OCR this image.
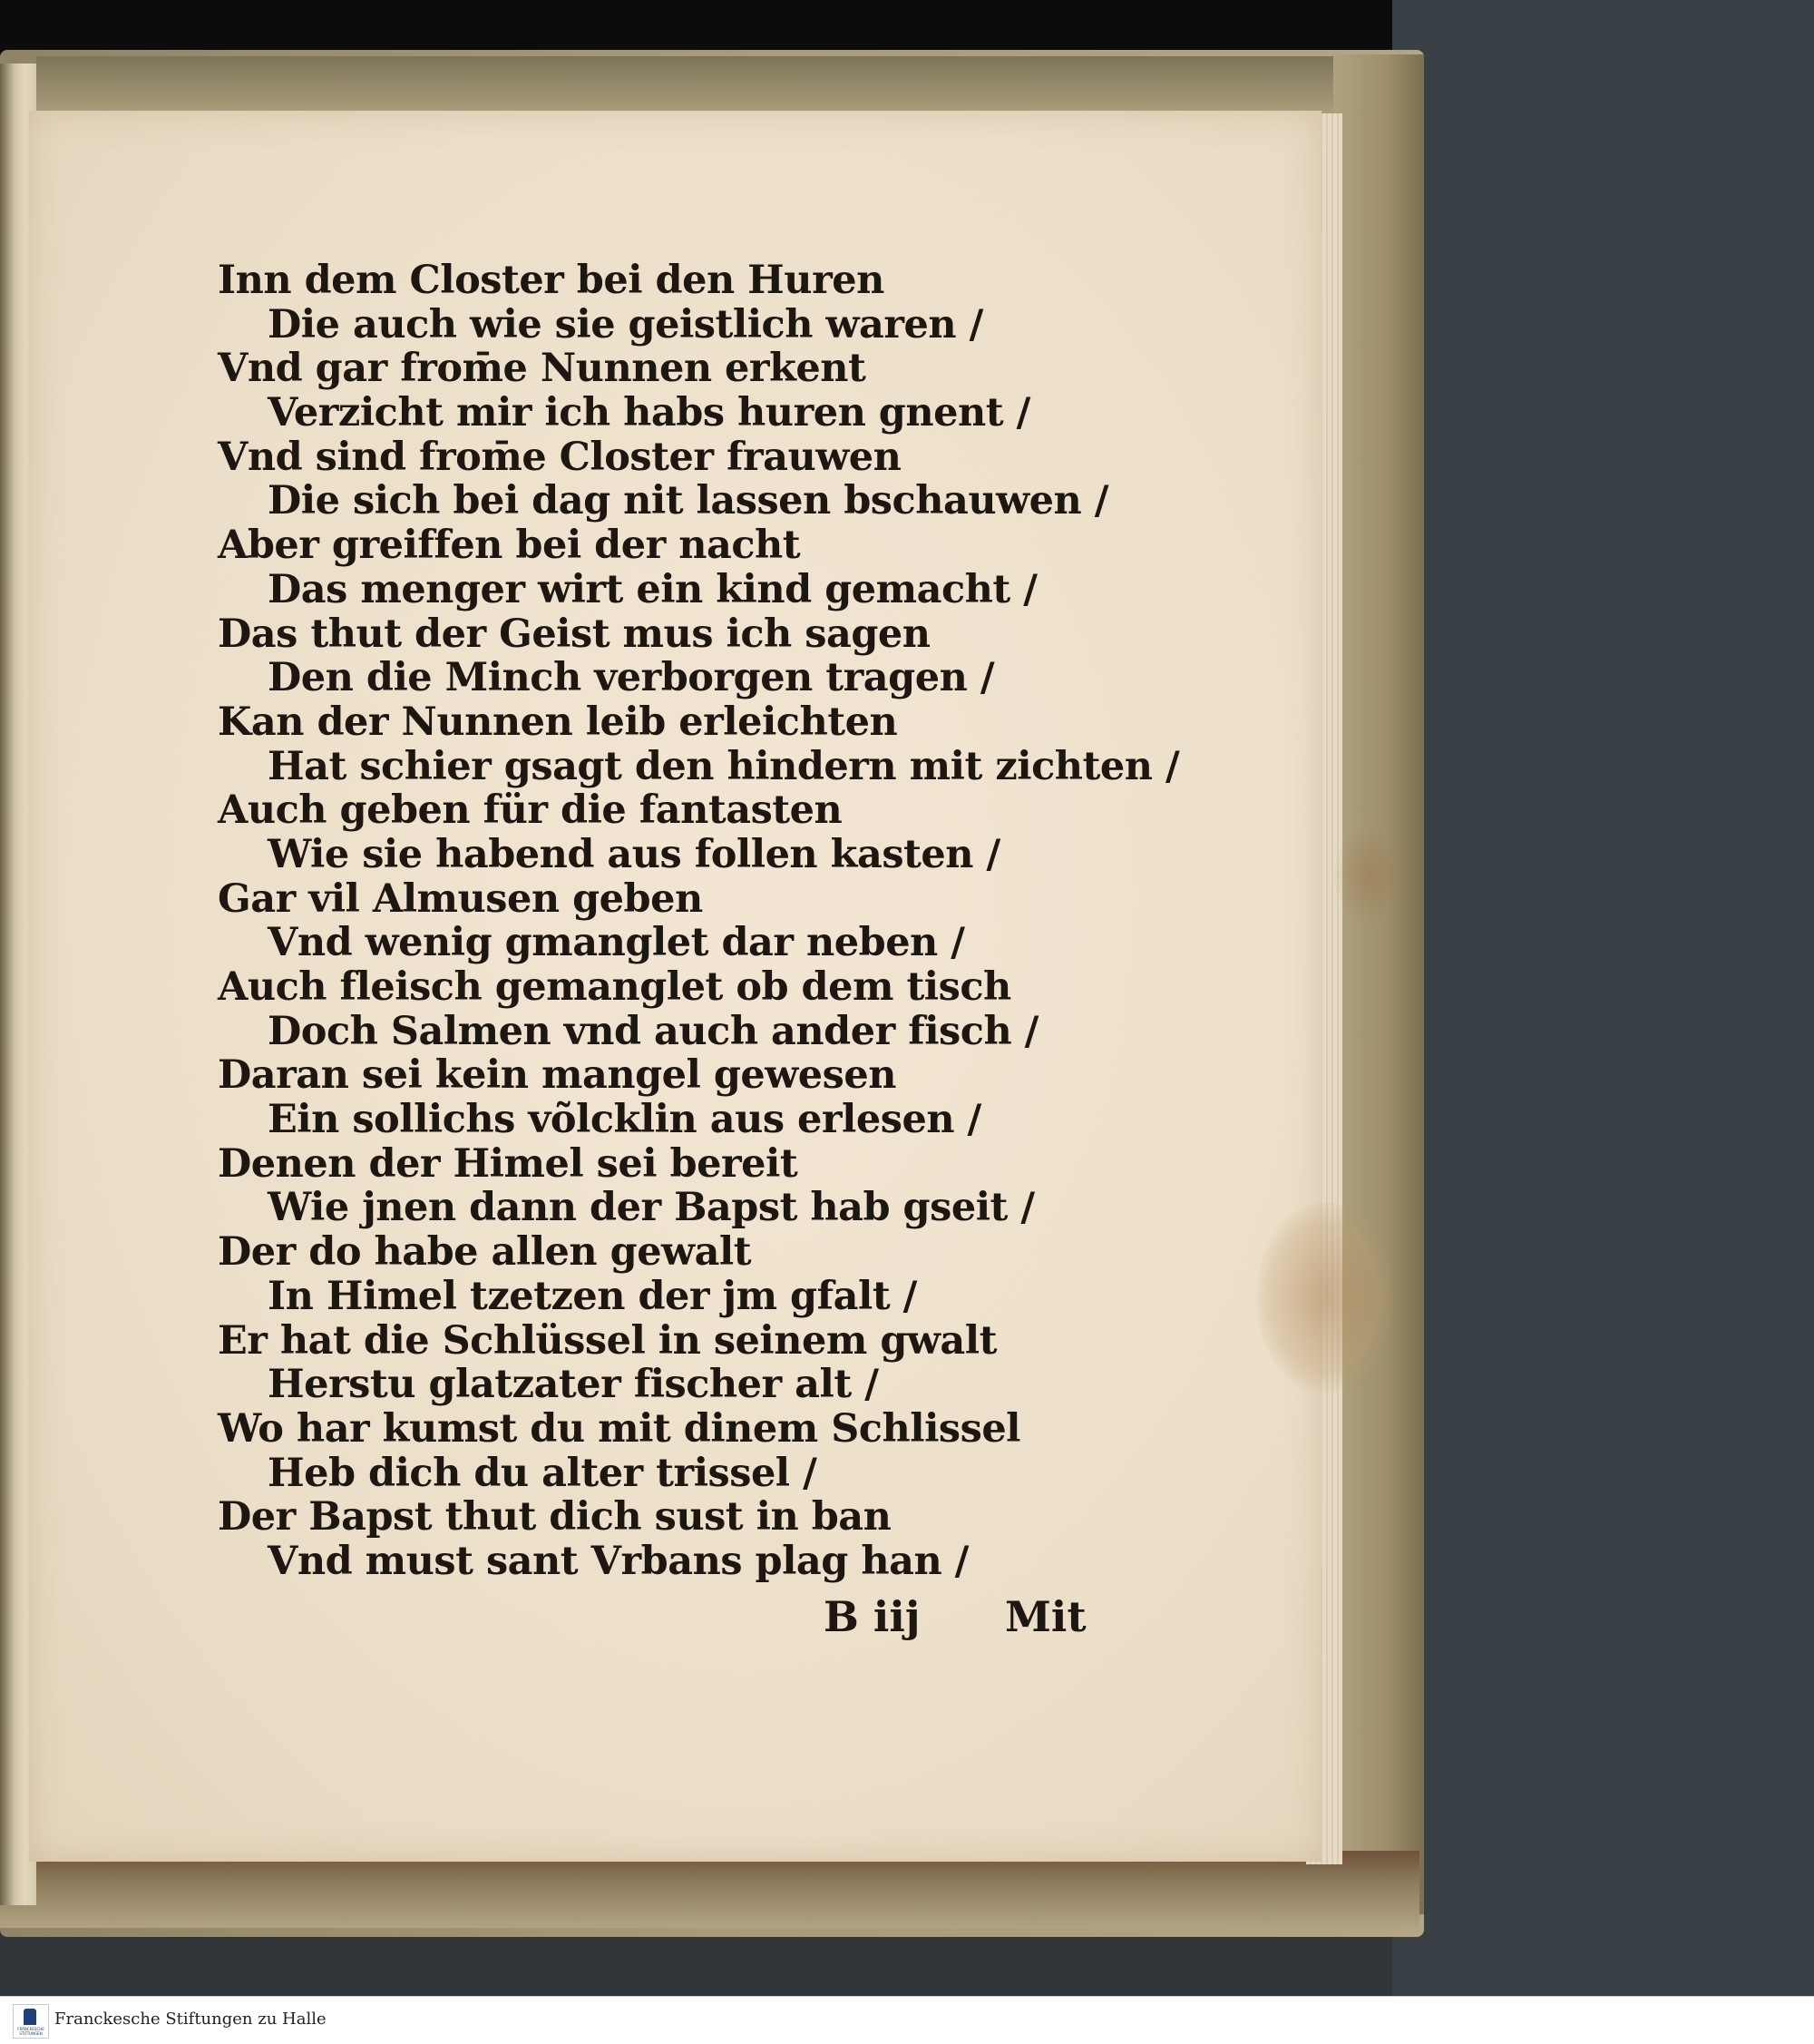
Inn dem Closter bei den Huren
Die auch wie sie geistlich waren /
Vnd gar from̄e Nunnen erkent
Verzicht mir ich habs huren gnent /
Vnd sind from̄e Closter frauwen
Die sich bei dag nit lassen bschauwen /
Aber greiffen bei der nacht
Das menger wirt ein kind gemacht /
Das thut der Geist mus ich sagen
Den die Minch verborgen tragen /
Kan der Nunnen leib erleichten
Hat schier gsagt den hindern mit zichten /
Auch geben für die fantasten
Wie sie habend aus follen kasten /
Gar vil Almusen geben
Vnd wenig gmanglet dar neben /
Auch fleisch gemanglet ob dem tisch
Doch Salmen vnd auch ander fisch /
Daran sei kein mangel gewesen
Ein sollichs võlcklin aus erlesen /
Denen der Himel sei bereit
Wie jnen dann der Bapst hab gseit /
Der do habe allen gewalt
In Himel tzetzen der jm gfalt /
Er hat die Schlüssel in seinem gwalt
Herstu glatzater fischer alt /
Wo har kumst du mit dinem Schlissel
Heb dich du alter trissel /
Der Bapst thut dich sust in ban
Vnd must sant Vrbans plag han /
B iij Mit
FRANCKESCHE STIFTUNGEN
Franckesche Stiftungen zu Halle
